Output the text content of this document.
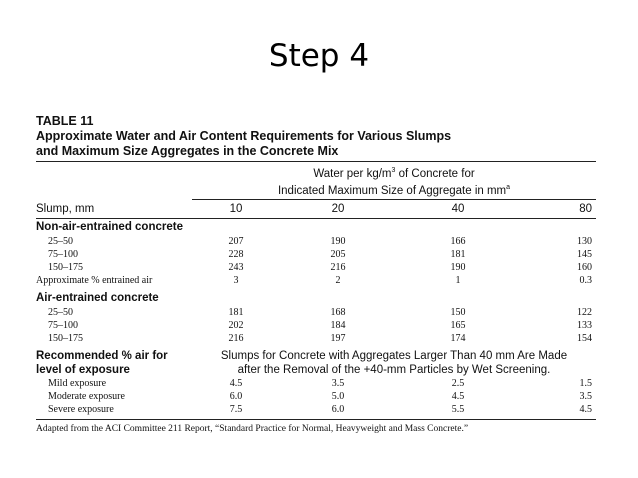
Step 4
TABLE 11
Approximate Water and Air Content Requirements for Various Slumps
and Maximum Size Aggregates in the Concrete Mix
Water per $kg/m^3$ of Concrete for
Indicated Maximum Size of Aggregate in $mm^a$
Slump, mm	10	20	40	80
Non-air-entrained concrete
25–50	207	190	166	130
75–100	228	205	181	145
150–175	243	216	190	160
Approximate % entrained air	3	2	1	0.3
Air-entrained concrete
25–50	181	168	150	122
75–100	202	184	165	133
150–175	216	197	174	154
Recommended % air for
level of exposure
Slumps for Concrete with Aggregates Larger Than 40 mm Are Made
after the Removal of the +40-mm Particles by Wet Screening.
Mild exposure	4.5	3.5	2.5	1.5
Moderate exposure	6.0	5.0	4.5	3.5
Severe exposure	7.5	6.0	5.5	4.5
Adapted from the ACI Committee 211 Report, “Standard Practice for Normal, Heavyweight and Mass Concrete.”
